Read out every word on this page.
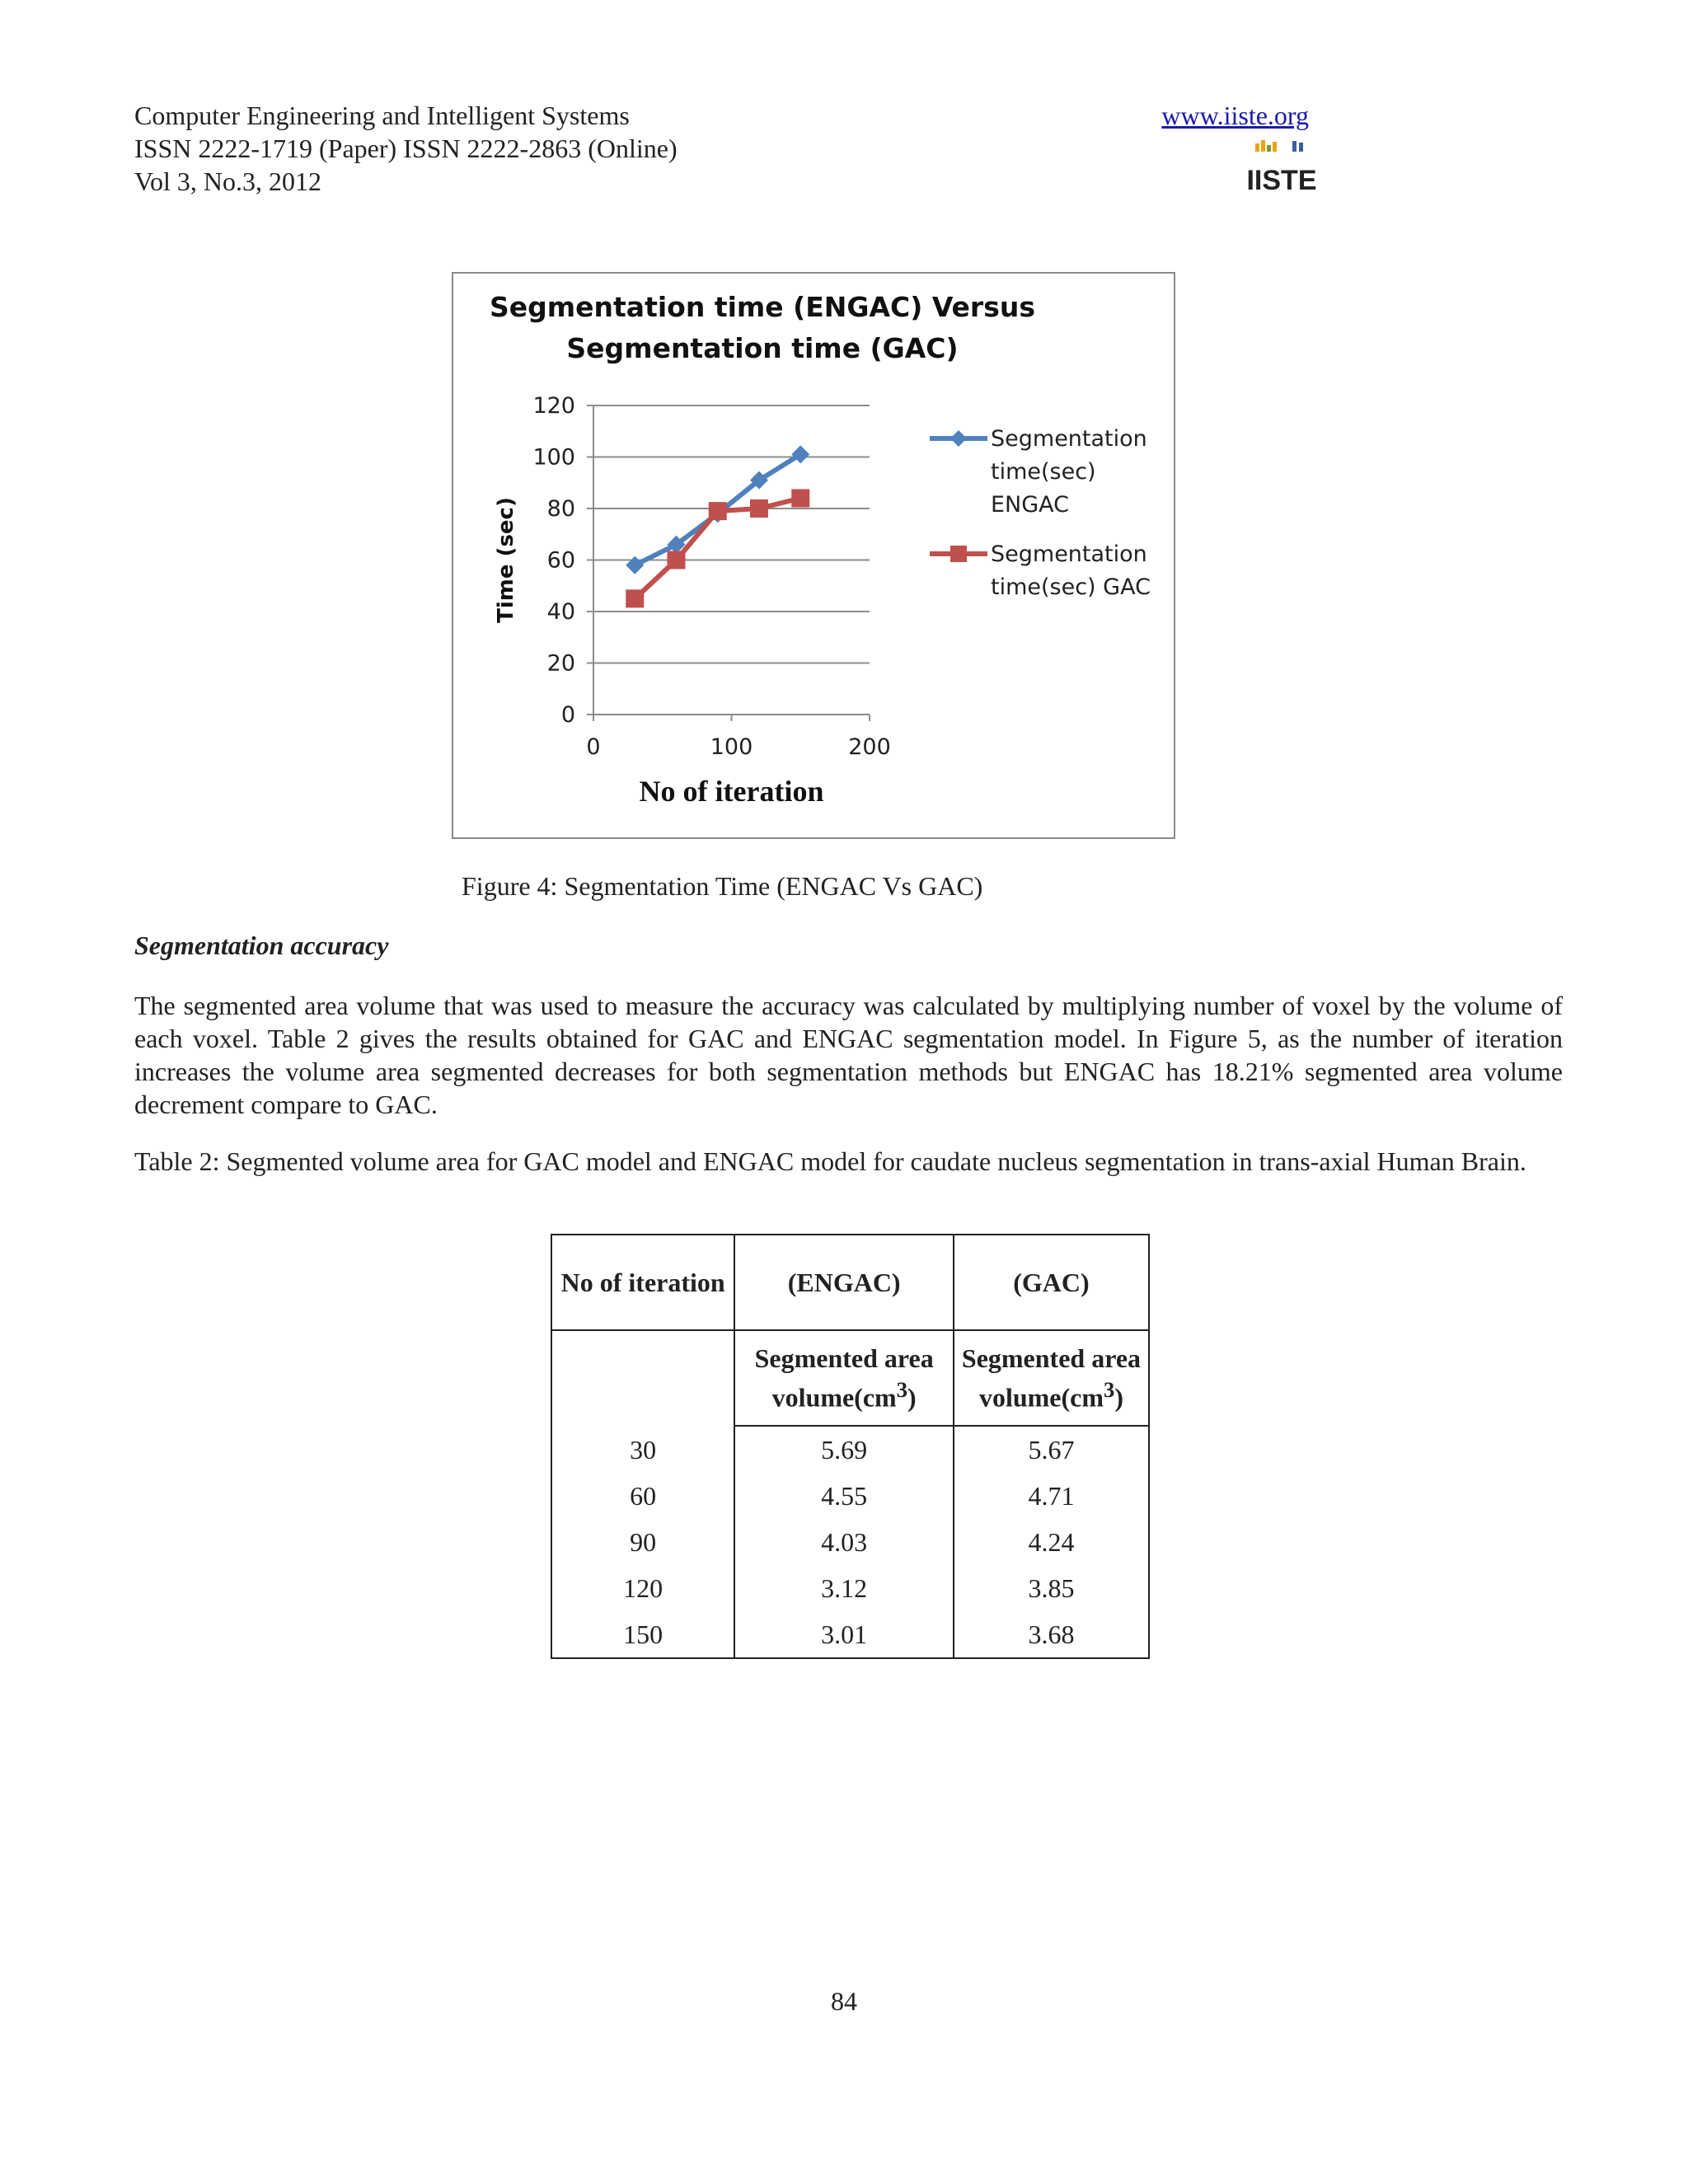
Computer Engineering and Intelligent Systems
ISSN 2222-1719 (Paper) ISSN 2222-2863 (Online)
Vol 3, No.3, 2012
www.iiste.org
IISTE
Segmentation time (ENGAC) Versus
Segmentation time (GAC)
0
20
40
60
80
100
120
0	100	200
No of iteration
Time (sec)
Segmentation
time(sec)
ENGAC
Segmentation
time(sec) GAC
Figure 4: Segmentation Time (ENGAC Vs GAC)
Segmentation accuracy
The segmented area volume that was used to measure the accuracy was calculated by multiplying number of voxel by the volume of each voxel. Table 2 gives the results obtained for GAC and ENGAC segmentation model. In Figure 5, as the number of iteration increases the volume area segmented decreases for both segmentation methods but ENGAC has 18.21% segmented area volume decrement compare to GAC.
Table 2: Segmented volume area for GAC model and ENGAC model for caudate nucleus segmentation in trans-axial Human Brain.
No of iteration	(ENGAC)	(GAC)
	Segmented area $volume(cm^3)$	Segmented area $volume(cm^3)$
30	5.69	5.67
60	4.55	4.71
90	4.03	4.24
120	3.12	3.85
150	3.01	3.68
84
